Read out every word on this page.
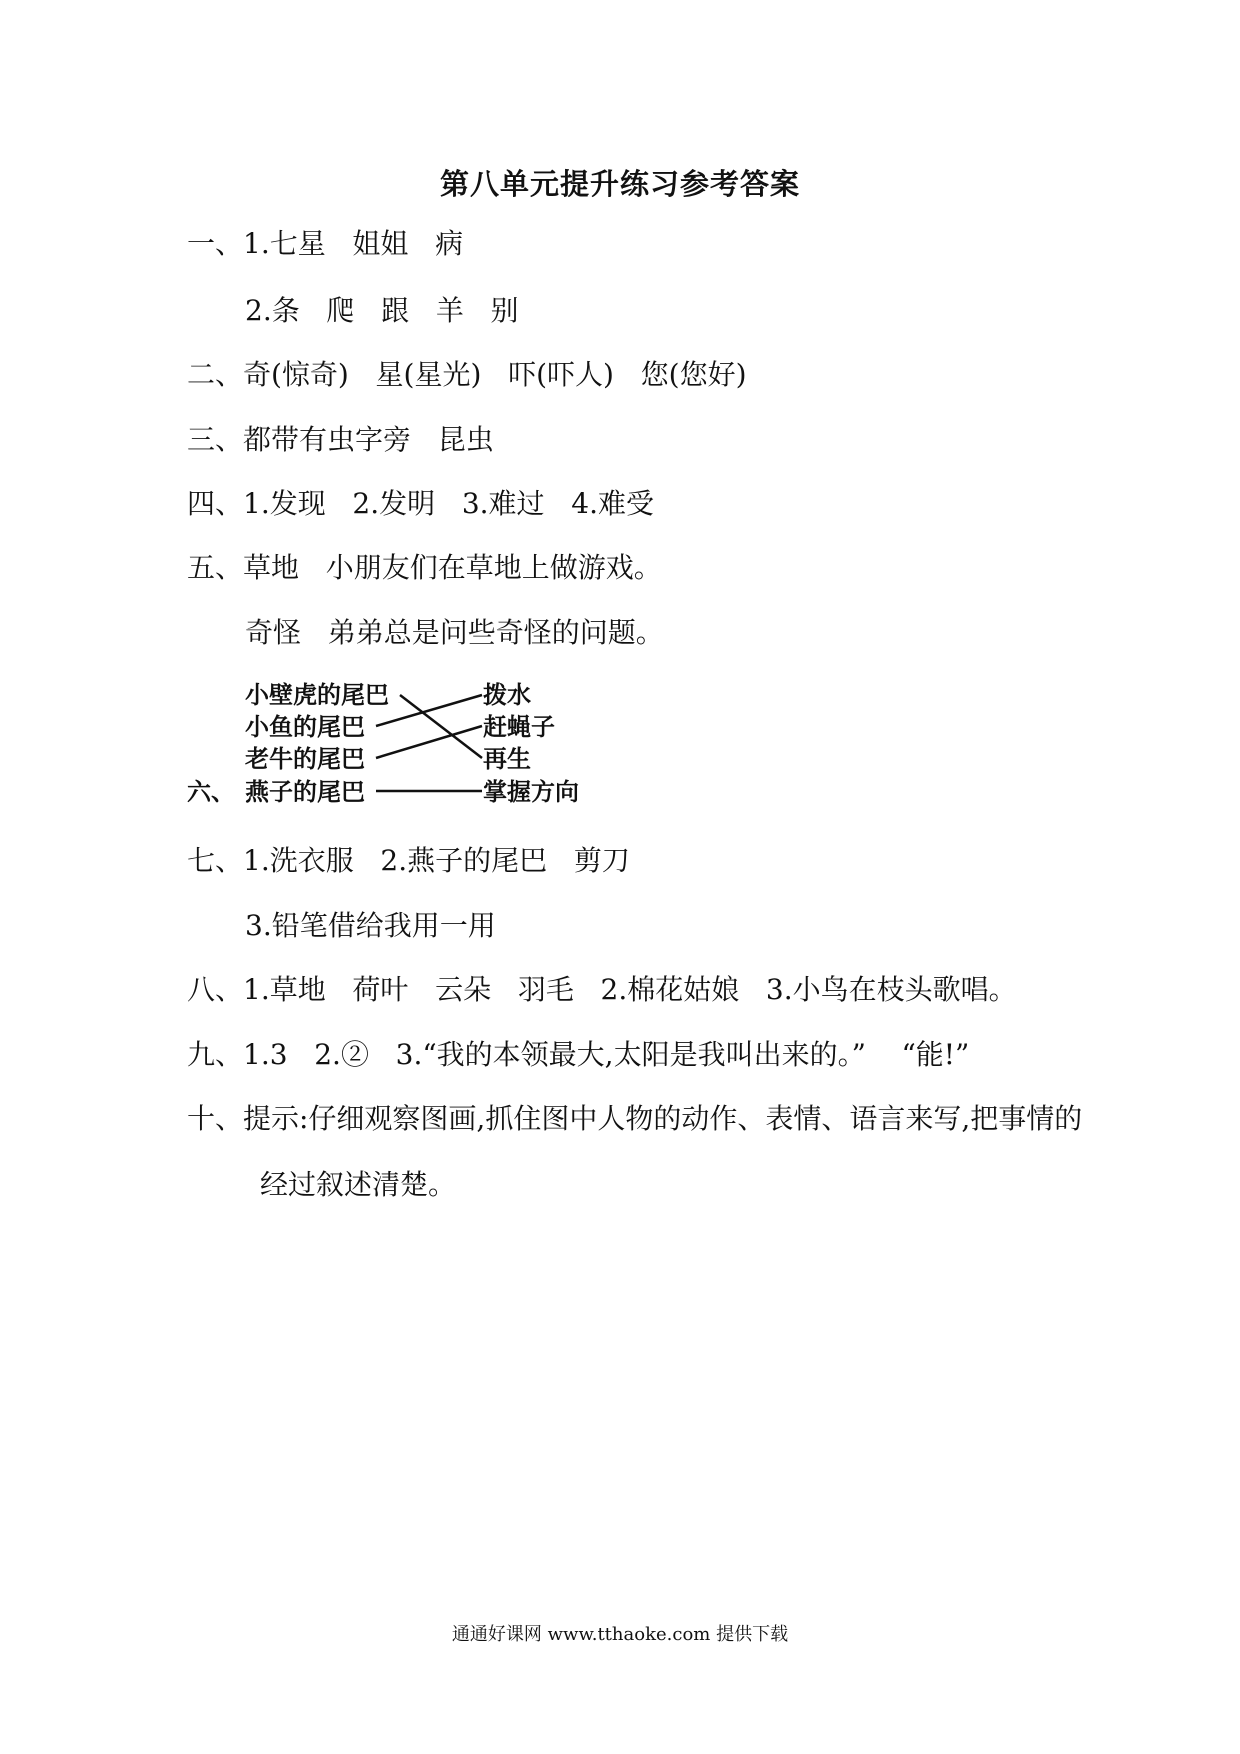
第八单元提升练习参考答案
一、1.七星   姐姐   病
2.条   爬   跟   羊   别
二、奇(惊奇)   星(星光)   吓(吓人)   您(您好)
三、都带有虫字旁   昆虫
四、1.发现   2.发明   3.难过   4.难受
五、草地   小朋友们在草地上做游戏。
奇怪   弟弟总是问些奇怪的问题。
六、
小壁虎的尾巴
小鱼的尾巴
老牛的尾巴
燕子的尾巴
拨水
赶蝇子
再生
掌握方向
七、1.洗衣服   2.燕子的尾巴   剪刀
3.铅笔借给我用一用
八、1.草地   荷叶   云朵   羽毛   2.棉花姑娘   3.小鸟在枝头歌唱。
九、1.3   2.②   3.“我的本领最大,太阳是我叫出来的。”    “能!”
十、提示:仔细观察图画,抓住图中人物的动作、表情、语言来写,把事情的
经过叙述清楚。
通通好课网 www.tthaoke.com 提供下载
